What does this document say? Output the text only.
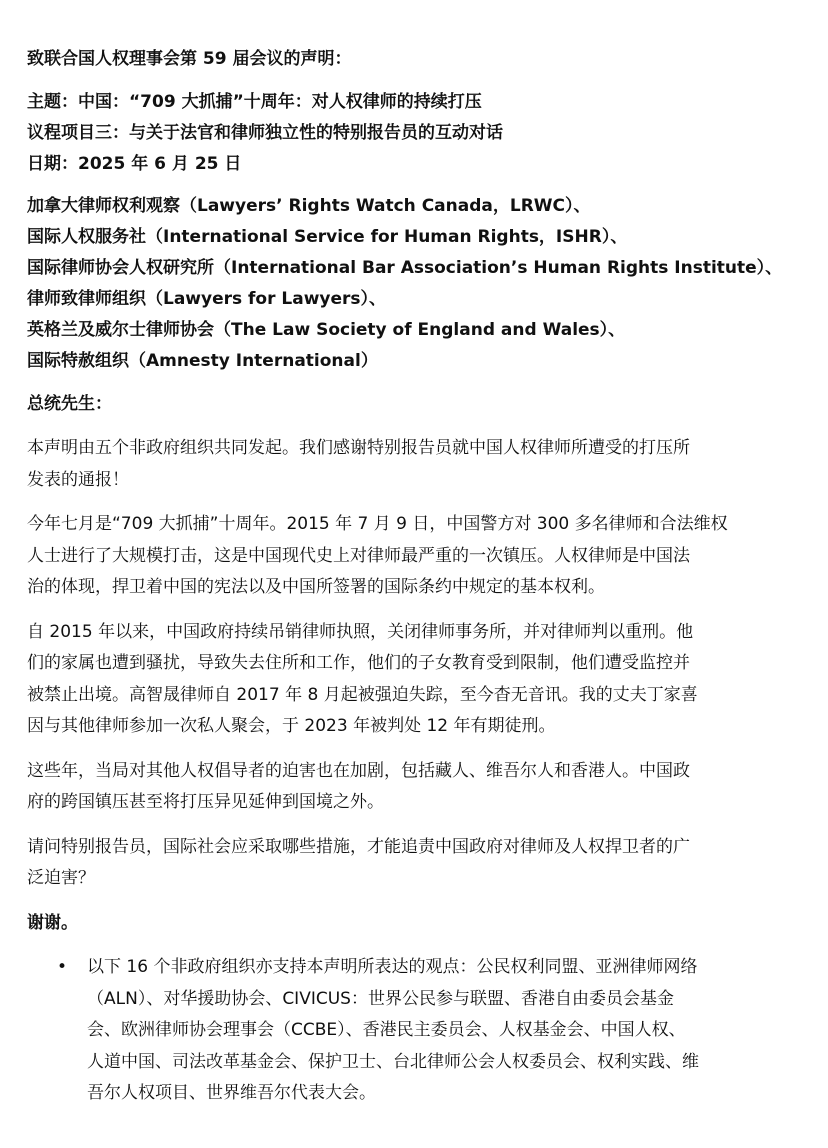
致联合国人权理事会第 59 届会议的声明：

主题：中国：“709 大抓捕”十周年：对人权律师的持续打压

议程项目三：与关于法官和律师独立性的特别报告员的互动对话

日期：2025 年 6 月 25 日

加拿大律师权利观察（Lawyers’ Rights Watch Canada，LRWC）、

国际人权服务社（International Service for Human Rights，ISHR）、

国际律师协会人权研究所（International Bar Association’s Human Rights Institute）、

律师致律师组织（Lawyers for Lawyers）、

英格兰及威尔士律师协会（The Law Society of England and Wales）、

国际特赦组织（Amnesty International）

总统先生：

本声明由五个非政府组织共同发起。我们感谢特别报告员就中国人权律师所遭受的打压所
发表的通报！

今年七月是“709 大抓捕”十周年。2015 年 7 月 9 日，中国警方对 300 多名律师和合法维权
人士进行了大规模打击，这是中国现代史上对律师最严重的一次镇压。人权律师是中国法
治的体现，捍卫着中国的宪法以及中国所签署的国际条约中规定的基本权利。

自 2015 年以来，中国政府持续吊销律师执照，关闭律师事务所，并对律师判以重刑。他
们的家属也遭到骚扰，导致失去住所和工作，他们的子女教育受到限制，他们遭受监控并
被禁止出境。高智晟律师自 2017 年 8 月起被强迫失踪，至今杳无音讯。我的丈夫丁家喜
因与其他律师参加一次私人聚会，于 2023 年被判处 12 年有期徒刑。

这些年，当局对其他人权倡导者的迫害也在加剧，包括藏人、维吾尔人和香港人。中国政
府的跨国镇压甚至将打压异见延伸到国境之外。

请问特别报告员，国际社会应采取哪些措施，才能追责中国政府对律师及人权捍卫者的广
泛迫害？

谢谢。

•	以下 16 个非政府组织亦支持本声明所表达的观点：公民权利同盟、亚洲律师网络
（ALN）、对华援助协会、CIVICUS：世界公民参与联盟、香港自由委员会基金
会、欧洲律师协会理事会（CCBE）、香港民主委员会、人权基金会、中国人权、
人道中国、司法改革基金会、保护卫士、台北律师公会人权委员会、权利实践、维
吾尔人权项目、世界维吾尔代表大会。
